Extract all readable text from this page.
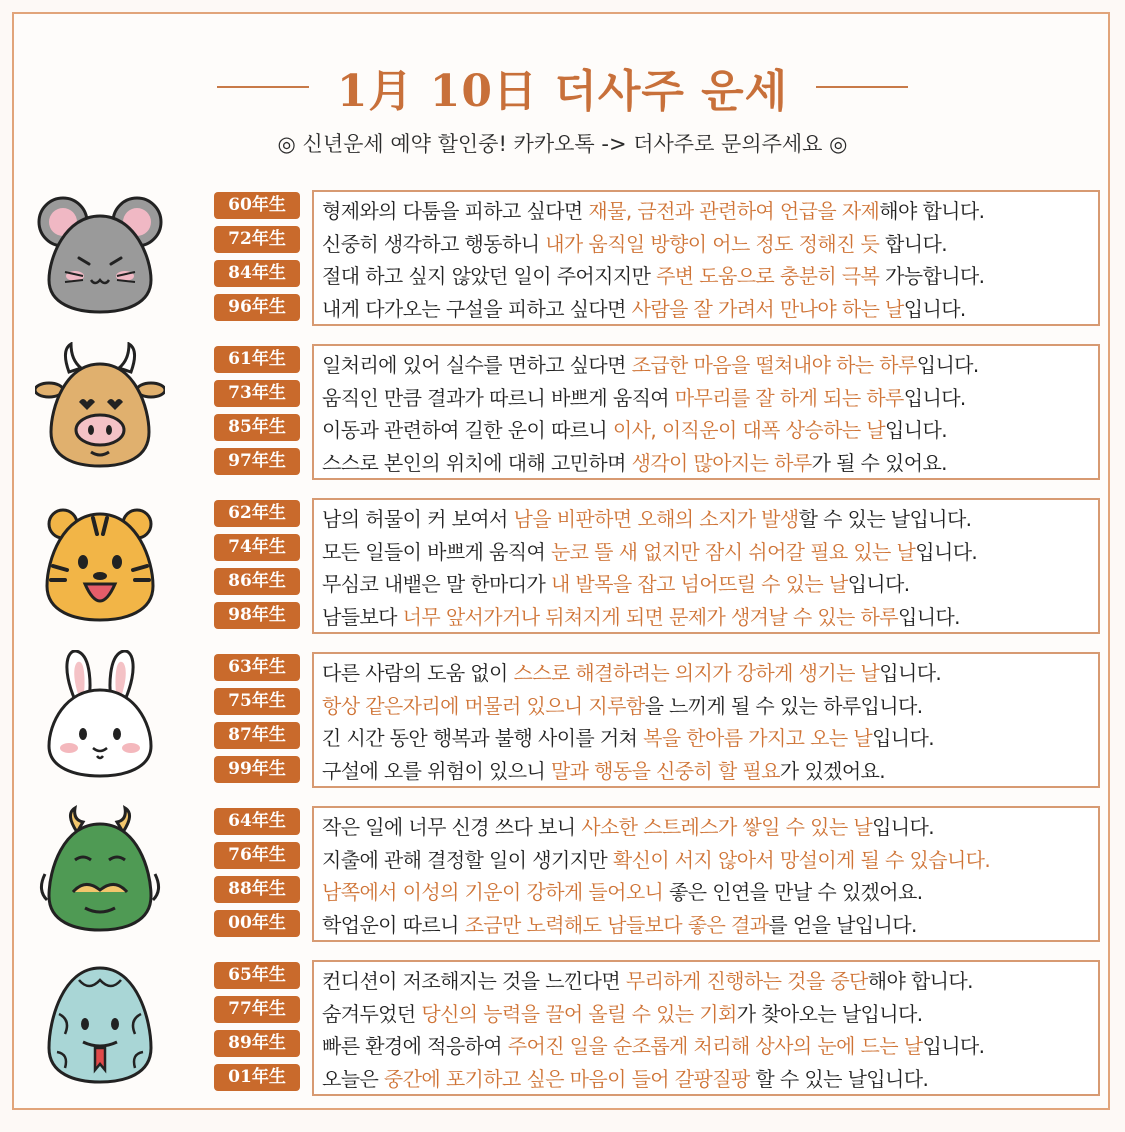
1月 10日 더사주 운세
◎ 신년운세 예약 할인중! 카카오톡 -> 더사주로 문의주세요 ◎
60年生
72年生
84年生
96年生
형제와의 다툼을 피하고 싶다면 재물, 금전과 관련하여 언급을 자제해야 합니다.
신중히 생각하고 행동하니 내가 움직일 방향이 어느 정도 정해진 듯 합니다.
절대 하고 싶지 않았던 일이 주어지지만 주변 도움으로 충분히 극복 가능합니다.
내게 다가오는 구설을 피하고 싶다면 사람을 잘 가려서 만나야 하는 날입니다.
61年生
73年生
85年生
97年生
일처리에 있어 실수를 면하고 싶다면 조급한 마음을 떨쳐내야 하는 하루입니다.
움직인 만큼 결과가 따르니 바쁘게 움직여 마무리를 잘 하게 되는 하루입니다.
이동과 관련하여 길한 운이 따르니 이사, 이직운이 대폭 상승하는 날입니다.
스스로 본인의 위치에 대해 고민하며 생각이 많아지는 하루가 될 수 있어요.
62年生
74年生
86年生
98年生
남의 허물이 커 보여서 남을 비판하면 오해의 소지가 발생할 수 있는 날입니다.
모든 일들이 바쁘게 움직여 눈코 뜰 새 없지만 잠시 쉬어갈 필요 있는 날입니다.
무심코 내뱉은 말 한마디가 내 발목을 잡고 넘어뜨릴 수 있는 날입니다.
남들보다 너무 앞서가거나 뒤쳐지게 되면 문제가 생겨날 수 있는 하루입니다.
63年生
75年生
87年生
99年生
다른 사람의 도움 없이 스스로 해결하려는 의지가 강하게 생기는 날입니다.
항상 같은자리에 머물러 있으니 지루함을 느끼게 될 수 있는 하루입니다.
긴 시간 동안 행복과 불행 사이를 거쳐 복을 한아름 가지고 오는 날입니다.
구설에 오를 위험이 있으니 말과 행동을 신중히 할 필요가 있겠어요.
64年生
76年生
88年生
00年生
작은 일에 너무 신경 쓰다 보니 사소한 스트레스가 쌓일 수 있는 날입니다.
지출에 관해 결정할 일이 생기지만 확신이 서지 않아서 망설이게 될 수 있습니다.
남쪽에서 이성의 기운이 강하게 들어오니 좋은 인연을 만날 수 있겠어요.
학업운이 따르니 조금만 노력해도 남들보다 좋은 결과를 얻을 날입니다.
65年生
77年生
89年生
01年生
컨디션이 저조해지는 것을 느낀다면 무리하게 진행하는 것을 중단해야 합니다.
숨겨두었던 당신의 능력을 끌어 올릴 수 있는 기회가 찾아오는 날입니다.
빠른 환경에 적응하여 주어진 일을 순조롭게 처리해 상사의 눈에 드는 날입니다.
오늘은 중간에 포기하고 싶은 마음이 들어 갈팡질팡 할 수 있는 날입니다.
